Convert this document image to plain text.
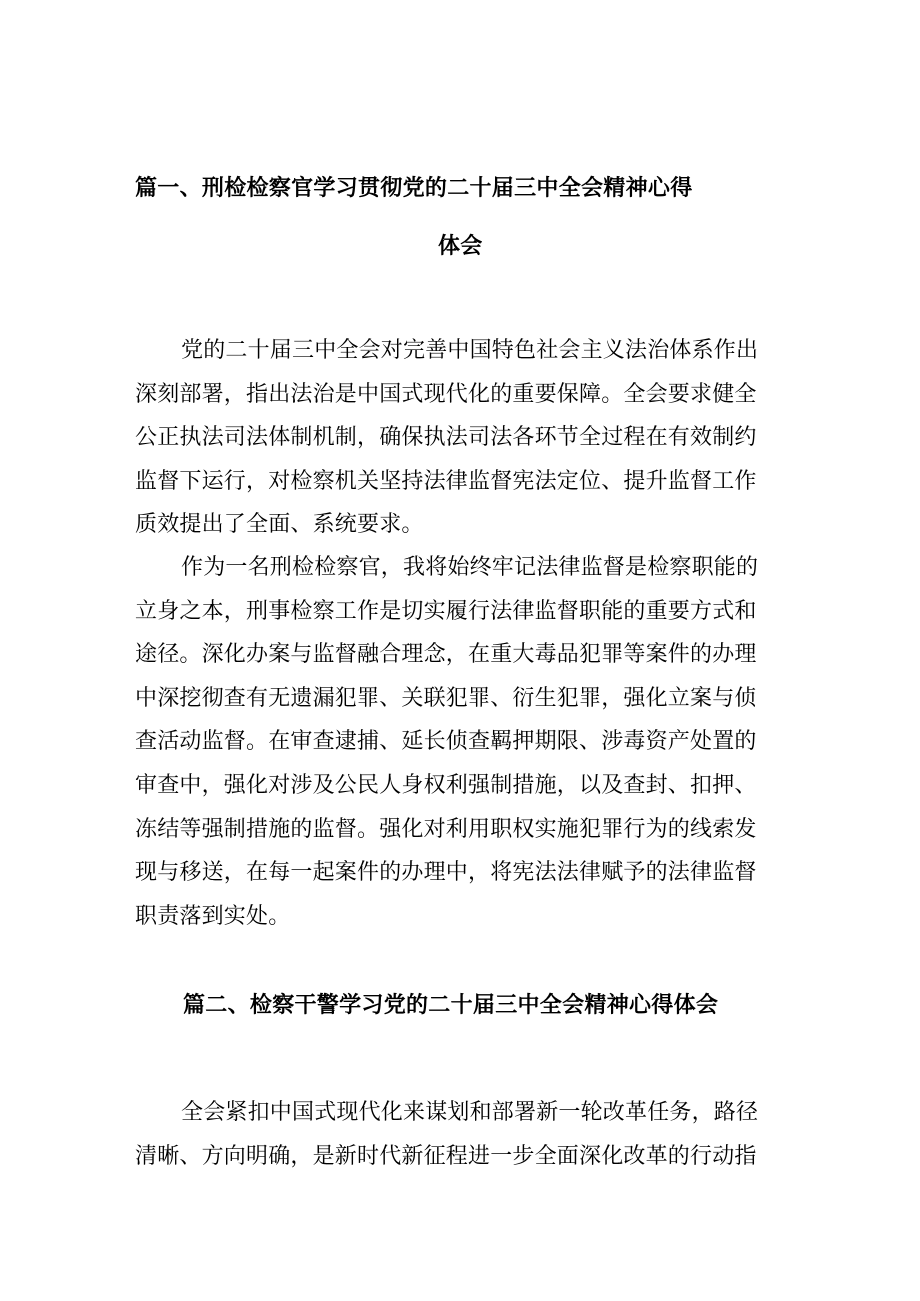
篇一、刑检检察官学习贯彻党的二十届三中全会精神心得
体会
党的二十届三中全会对完善中国特色社会主义法治体系作出
深刻部署，指出法治是中国式现代化的重要保障。全会要求健全
公正执法司法体制机制，确保执法司法各环节全过程在有效制约
监督下运行，对检察机关坚持法律监督宪法定位、提升监督工作
质效提出了全面、系统要求。
作为一名刑检检察官，我将始终牢记法律监督是检察职能的
立身之本，刑事检察工作是切实履行法律监督职能的重要方式和
途径。深化办案与监督融合理念，在重大毒品犯罪等案件的办理
中深挖彻查有无遗漏犯罪、关联犯罪、衍生犯罪，强化立案与侦
查活动监督。在审查逮捕、延长侦查羁押期限、涉毒资产处置的
审查中，强化对涉及公民人身权利强制措施，以及查封、扣押、
冻结等强制措施的监督。强化对利用职权实施犯罪行为的线索发
现与移送，在每一起案件的办理中，将宪法法律赋予的法律监督
职责落到实处。
篇二、检察干警学习党的二十届三中全会精神心得体会
全会紧扣中国式现代化来谋划和部署新一轮改革任务，路径
清晰、方向明确，是新时代新征程进一步全面深化改革的行动指
